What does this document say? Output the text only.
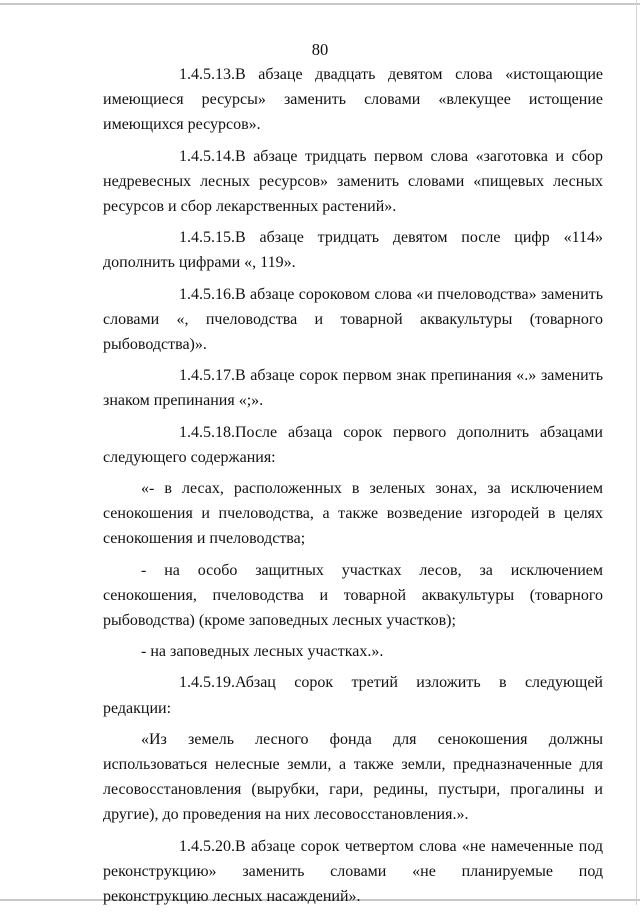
80

1.4.5.13.В абзаце двадцать девятом слова «истощающие имеющиеся ресурсы» заменить словами «влекущее истощение имеющихся ресурсов».

1.4.5.14.В абзаце тридцать первом слова «заготовка и сбор недревесных лесных ресурсов» заменить словами «пищевых лесных ресурсов и сбор лекарственных растений».

1.4.5.15.В абзаце тридцать девятом после цифр «114» дополнить цифрами «, 119».

1.4.5.16.В абзаце сороковом слова «и пчеловодства» заменить словами «, пчеловодства и товарной аквакультуры (товарного рыбоводства)».

1.4.5.17.В абзаце сорок первом знак препинания «.» заменить знаком препинания «;».

1.4.5.18.После абзаца сорок первого дополнить абзацами следующего содержания:

«- в лесах, расположенных в зеленых зонах, за исключением сенокошения и пчеловодства, а также возведение изгородей в целях сенокошения и пчеловодства;

- на особо защитных участках лесов, за исключением сенокошения, пчеловодства и товарной аквакультуры (товарного рыбоводства) (кроме заповедных лесных участков);

- на заповедных лесных участках.».

1.4.5.19.Абзац сорок третий изложить в следующей редакции:

«Из земель лесного фонда для сенокошения должны использоваться нелесные земли, а также земли, предназначенные для лесовосстановления (вырубки, гари, редины, пустыри, прогалины и другие), до проведения на них лесовосстановления.».

1.4.5.20.В абзаце сорок четвертом слова «не намеченные под реконструкцию» заменить словами «не планируемые под реконструкцию лесных насаждений».
